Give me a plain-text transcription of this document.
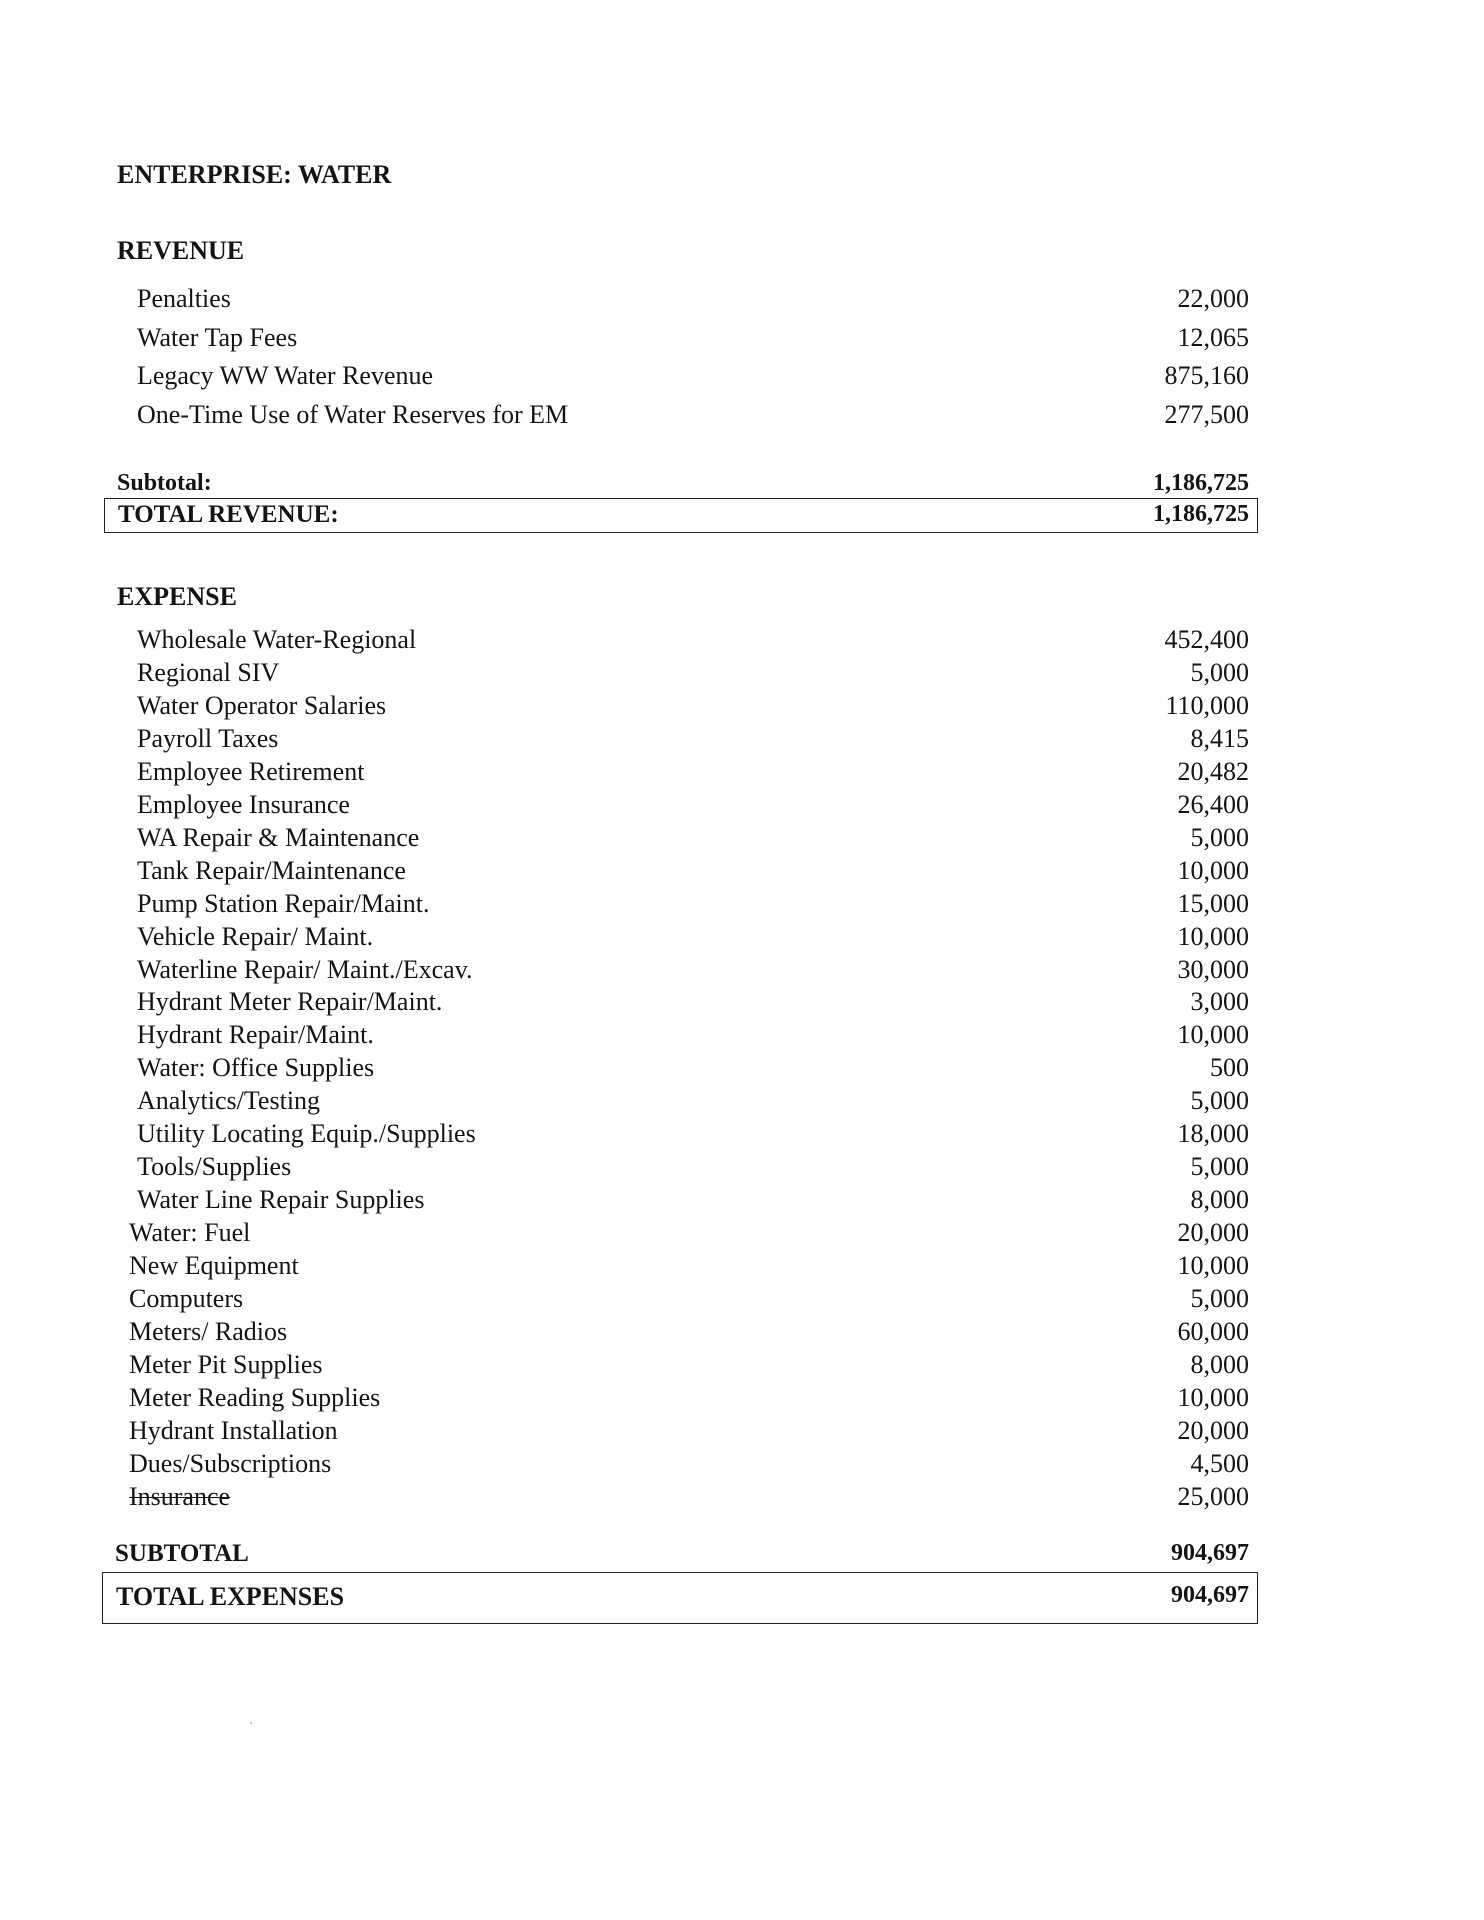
ENTERPRISE: WATER
REVENUE
Penalties	22,000
Water Tap Fees	12,065
Legacy WW Water Revenue	875,160
One-Time Use of Water Reserves for EM	277,500
Subtotal:	1,186,725
TOTAL REVENUE:	1,186,725
EXPENSE
Wholesale Water-Regional	452,400
Regional SIV	5,000
Water Operator Salaries	110,000
Payroll Taxes	8,415
Employee Retirement	20,482
Employee Insurance	26,400
WA Repair & Maintenance	5,000
Tank Repair/Maintenance	10,000
Pump Station Repair/Maint.	15,000
Vehicle Repair/ Maint.	10,000
Waterline Repair/ Maint./Excav.	30,000
Hydrant Meter Repair/Maint.	3,000
Hydrant Repair/Maint.	10,000
Water: Office Supplies	500
Analytics/Testing	5,000
Utility Locating Equip./Supplies	18,000
Tools/Supplies	5,000
Water Line Repair Supplies	8,000
Water: Fuel	20,000
New Equipment	10,000
Computers	5,000
Meters/ Radios	60,000
Meter Pit Supplies	8,000
Meter Reading Supplies	10,000
Hydrant Installation	20,000
Dues/Subscriptions	4,500
Insurance	25,000
SUBTOTAL	904,697
TOTAL EXPENSES	904,697
